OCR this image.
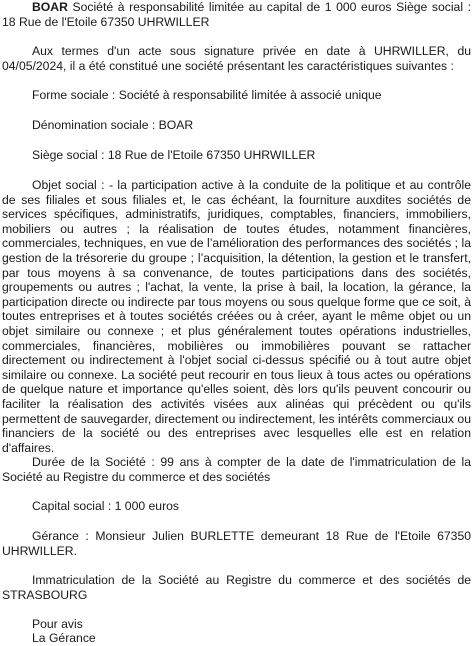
BOAR Société à responsabilité limitée au capital de 1 000 euros Siège social : 18 Rue de l'Etoile 67350 UHRWILLER

Aux termes d'un acte sous signature privée en date à UHRWILLER, du 04/05/2024, il a été constitué une société présentant les caractéristiques suivantes :

Forme sociale : Société à responsabilité limitée à associé unique

Dénomination sociale : BOAR

Siège social : 18 Rue de l'Etoile 67350 UHRWILLER

Objet social : - la participation active à la conduite de la politique et au contrôle de ses filiales et sous filiales et, le cas échéant, la fourniture auxdites sociétés de services spécifiques, administratifs, juridiques, comptables, financiers, immobiliers, mobiliers ou autres ; la réalisation de toutes études, notamment financières, commerciales, techniques, en vue de l’amélioration des performances des sociétés ; la gestion de la trésorerie du groupe ; l’acquisition, la détention, la gestion et le transfert, par tous moyens à sa convenance, de toutes participations dans des sociétés, groupements ou autres ; l'achat, la vente, la prise à bail, la location, la gérance, la participation directe ou indirecte par tous moyens ou sous quelque forme que ce soit, à toutes entreprises et à toutes sociétés créées ou à créer, ayant le même objet ou un objet similaire ou connexe ; et plus généralement toutes opérations industrielles, commerciales, financières, mobilières ou immobilières pouvant se rattacher directement ou indirectement à l'objet social ci-dessus spécifié ou à tout autre objet similaire ou connexe. La société peut recourir en tous lieux à tous actes ou opérations de quelque nature et importance qu'elles soient, dès lors qu'ils peuvent concourir ou faciliter la réalisation des activités visées aux alinéas qui précèdent ou qu'ils permettent de sauvegarder, directement ou indirectement, les intérêts commerciaux ou financiers de la société ou des entreprises avec lesquelles elle est en relation d'affaires.

Durée de la Société : 99 ans à compter de la date de l'immatriculation de la Société au Registre du commerce et des sociétés

Capital social : 1 000 euros

Gérance : Monsieur Julien BURLETTE demeurant 18 Rue de l'Etoile 67350 UHRWILLER.

Immatriculation de la Société au Registre du commerce et des sociétés de STRASBOURG

Pour avis

La Gérance
